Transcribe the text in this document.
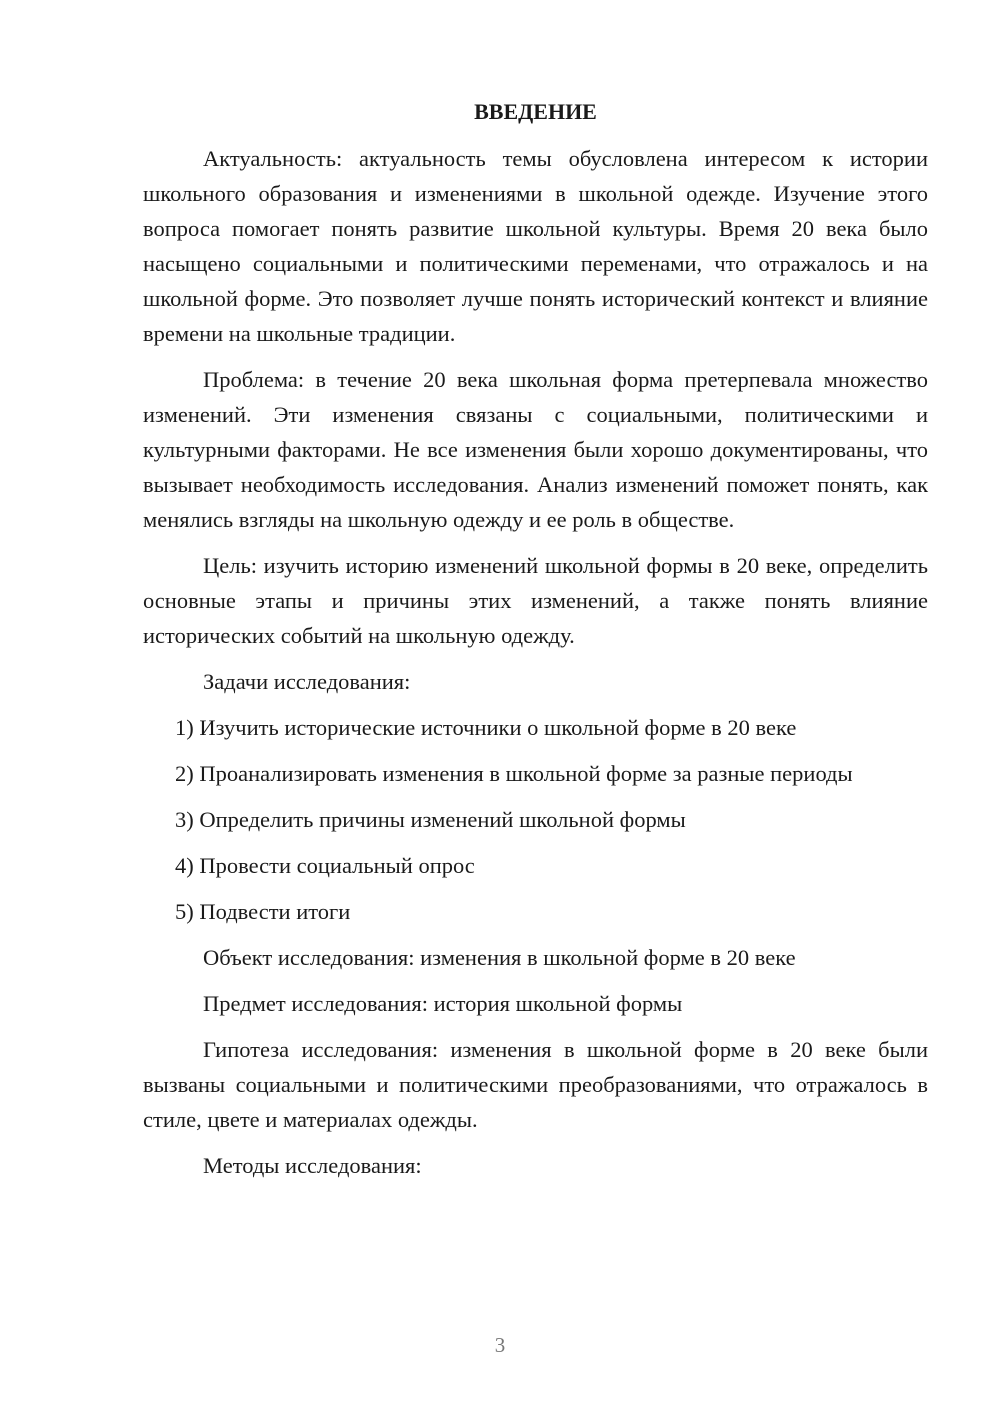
ВВЕДЕНИЕ

Актуальность: актуальность темы обусловлена интересом к истории школьного образования и изменениями в школьной одежде. Изучение этого вопроса помогает понять развитие школьной культуры. Время 20 века было насыщено социальными и политическими переменами, что отражалось и на школьной форме. Это позволяет лучше понять исторический контекст и влияние времени на школьные традиции.

Проблема: в течение 20 века школьная форма претерпевала множество изменений. Эти изменения связаны с социальными, политическими и культурными факторами. Не все изменения были хорошо документированы, что вызывает необходимость исследования. Анализ изменений поможет понять, как менялись взгляды на школьную одежду и ее роль в обществе.

Цель: изучить историю изменений школьной формы в 20 веке, определить основные этапы и причины этих изменений, а также понять влияние исторических событий на школьную одежду.

Задачи исследования:

1) Изучить исторические источники о школьной форме в 20 веке

2) Проанализировать изменения в школьной форме за разные периоды

3) Определить причины изменений школьной формы

4) Провести социальный опрос

5) Подвести итоги

Объект исследования: изменения в школьной форме в 20 веке

Предмет исследования: история школьной формы

Гипотеза исследования: изменения в школьной форме в 20 веке были вызваны социальными и политическими преобразованиями, что отражалось в стиле, цвете и материалах одежды.

Методы исследования:

3
